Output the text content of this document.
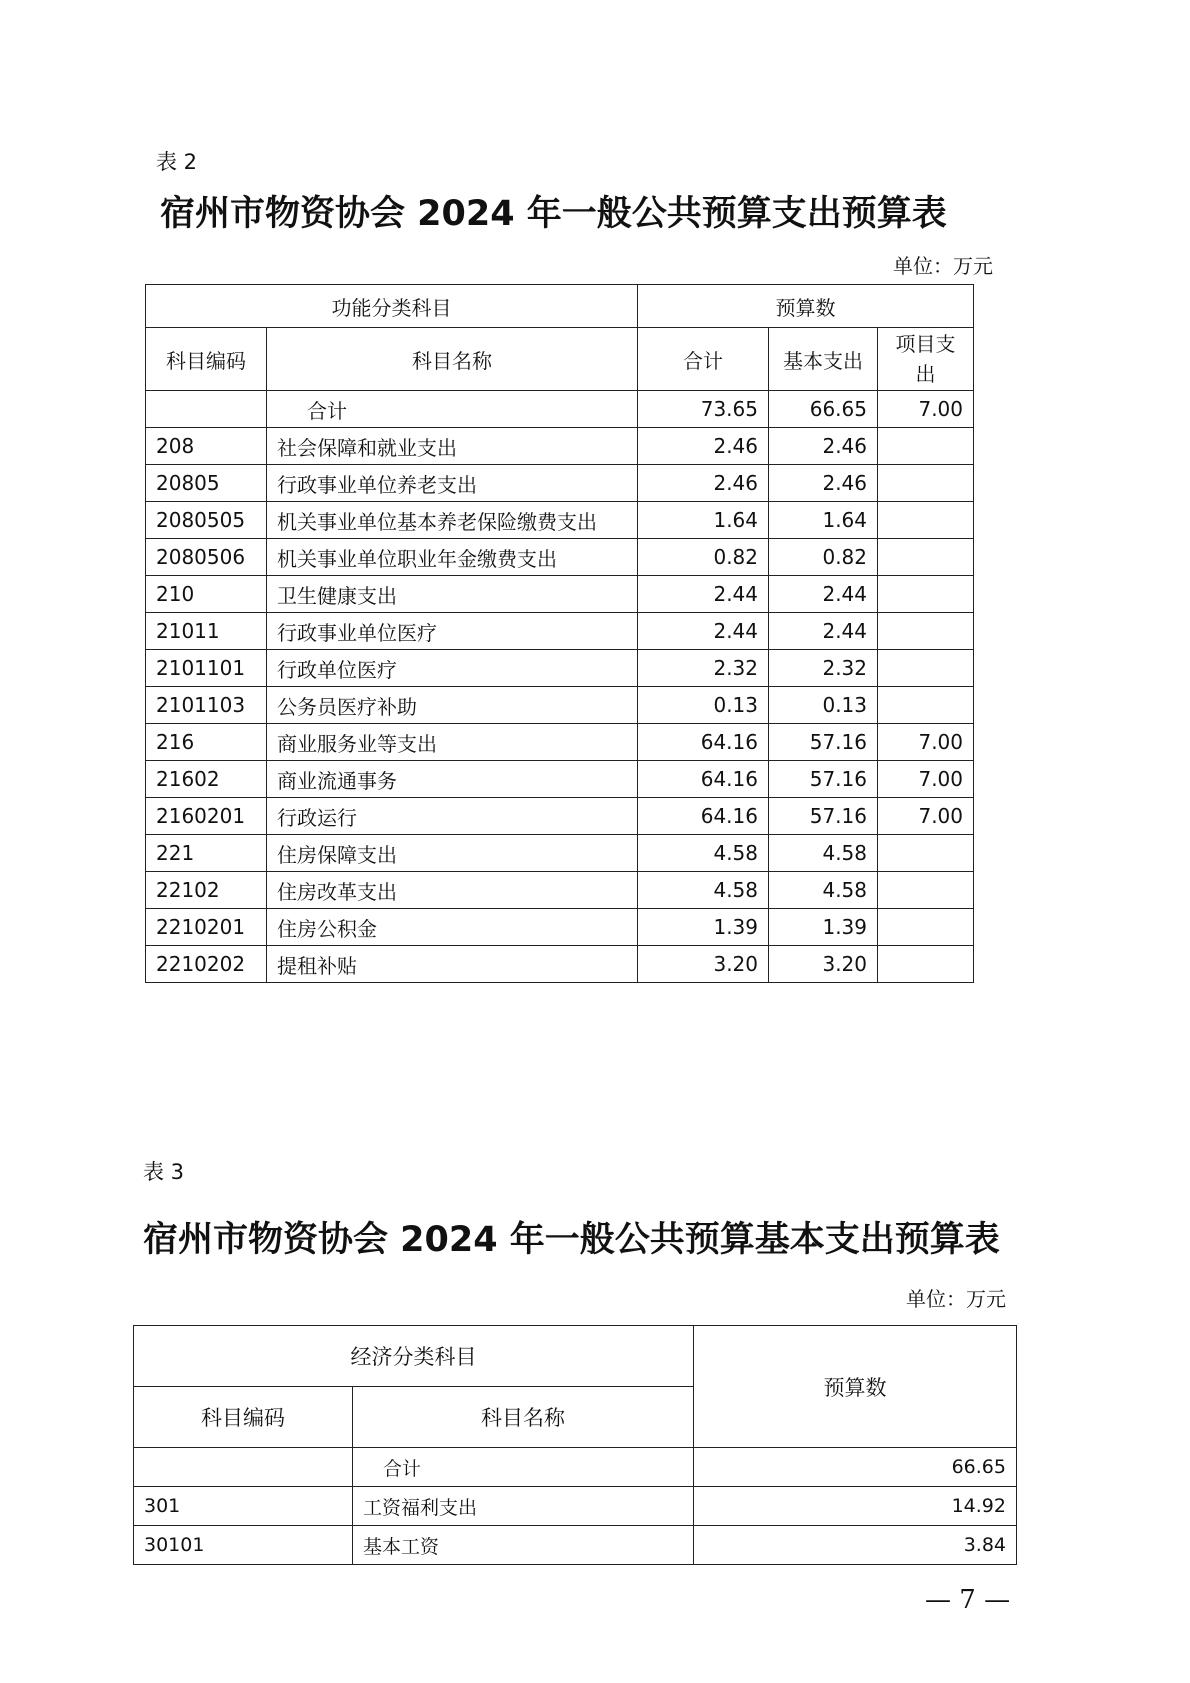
表 2
宿州市物资协会 2024 年一般公共预算支出预算表
单位：万元
功能分类科目		预算数		
科目编码	科目名称	合计	基本支出	项目支出
	合计	73.65	66.65	7.00
208	社会保障和就业支出	2.46	2.46	
20805	行政事业单位养老支出	2.46	2.46	
2080505	机关事业单位基本养老保险缴费支出	1.64	1.64	
2080506	机关事业单位职业年金缴费支出	0.82	0.82	
210	卫生健康支出	2.44	2.44	
21011	行政事业单位医疗	2.44	2.44	
2101101	行政单位医疗	2.32	2.32	
2101103	公务员医疗补助	0.13	0.13	
216	商业服务业等支出	64.16	57.16	7.00
21602	商业流通事务	64.16	57.16	7.00
2160201	行政运行	64.16	57.16	7.00
221	住房保障支出	4.58	4.58	
22102	住房改革支出	4.58	4.58	
2210201	住房公积金	1.39	1.39	
2210202	提租补贴	3.20	3.20	
表 3
宿州市物资协会 2024 年一般公共预算基本支出预算表
单位：万元
经济分类科目		预算数
科目编码	科目名称	
	合计	66.65
301	工资福利支出	14.92
30101	基本工资	3.84
— 7 —
